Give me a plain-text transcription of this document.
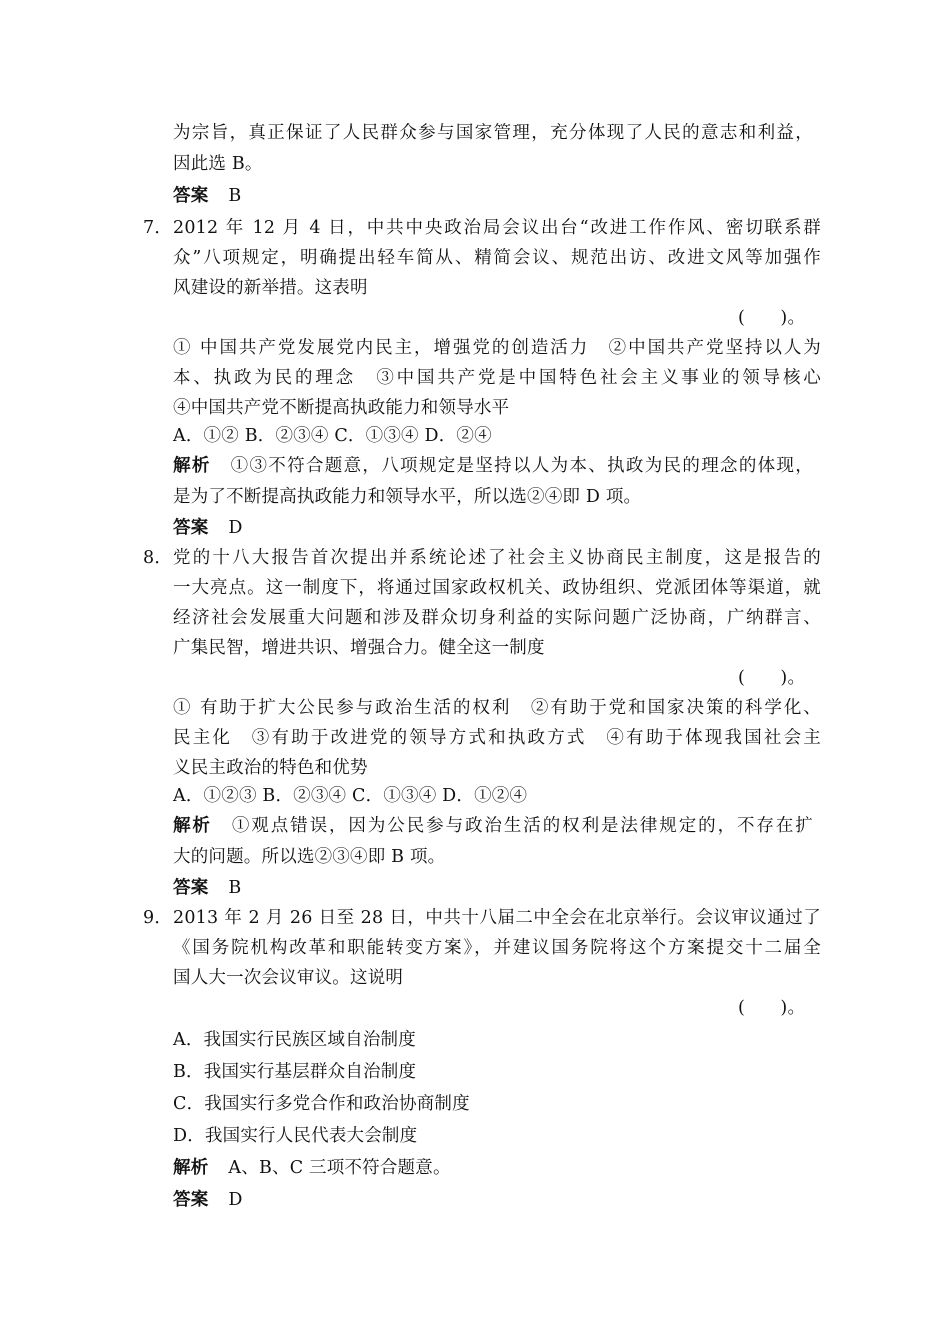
为宗旨，真正保证了人民群众参与国家管理，充分体现了人民的意志和利益，
因此选 B。
答案 B
7． 2012 年 12 月 4 日，中共中央政治局会议出台“改进工作作风、密切联系群
众”八项规定，明确提出轻车简从、精简会议、规范出访、改进文风等加强作
风建设的新举措。这表明
(　　)。
① 中国共产党发展党内民主，增强党的创造活力　②中国共产党坚持以人为
本、执政为民的理念　③中国共产党是中国特色社会主义事业的领导核心
④中国共产党不断提高执政能力和领导水平
A．①② B．②③④ C．①③④ D．②④
解析 ①③不符合题意，八项规定是坚持以人为本、执政为民的理念的体现，
是为了不断提高执政能力和领导水平，所以选②④即 D 项。
答案 D
8． 党的十八大报告首次提出并系统论述了社会主义协商民主制度，这是报告的
一大亮点。这一制度下，将通过国家政权机关、政协组织、党派团体等渠道，就
经济社会发展重大问题和涉及群众切身利益的实际问题广泛协商，广纳群言、
广集民智，增进共识、增强合力。健全这一制度
(　　)。
① 有助于扩大公民参与政治生活的权利　②有助于党和国家决策的科学化、
民主化　③有助于改进党的领导方式和执政方式　④有助于体现我国社会主
义民主政治的特色和优势
A．①②③ B．②③④ C．①③④ D．①②④
解析 ①观点错误，因为公民参与政治生活的权利是法律规定的，不存在扩
大的问题。所以选②③④即 B 项。
答案 B
9． 2013 年 2 月 26 日至 28 日，中共十八届二中全会在北京举行。会议审议通过了
《国务院机构改革和职能转变方案》，并建议国务院将这个方案提交十二届全
国人大一次会议审议。这说明
(　　)。
A．我国实行民族区域自治制度
B．我国实行基层群众自治制度
C．我国实行多党合作和政治协商制度
D．我国实行人民代表大会制度
解析 A、B、C 三项不符合题意。
答案 D
